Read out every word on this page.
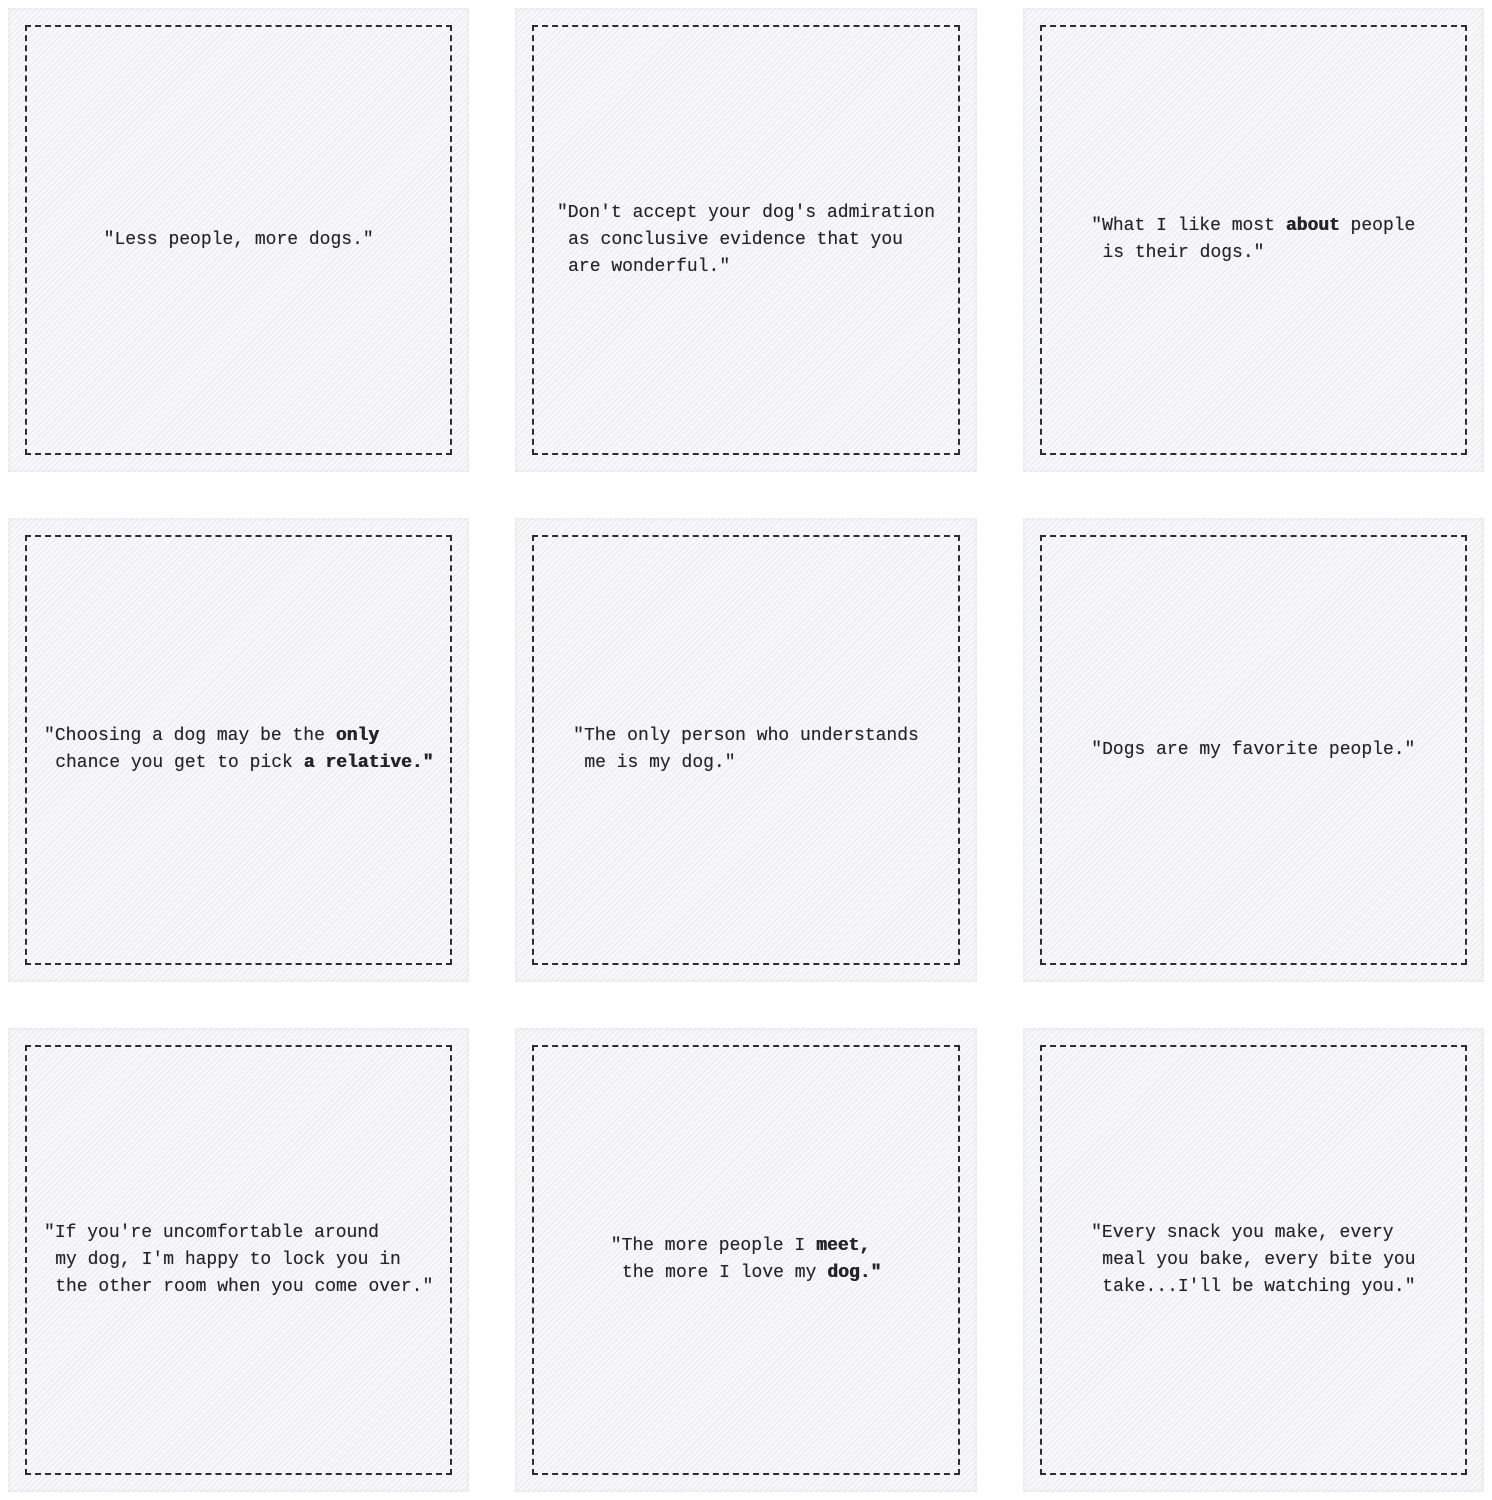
"Less people, more dogs."
"Don't accept your dog's admiration
as conclusive evidence that you
are wonderful."
"What I like most about people
is their dogs."
"Choosing a dog may be the only
chance you get to pick a relative."
"The only person who understands
me is my dog."
"Dogs are my favorite people."
"If you're uncomfortable around
my dog, I'm happy to lock you in
the other room when you come over."
"The more people I meet,
the more I love my dog."
"Every snack you make, every
meal you bake, every bite you
take...I'll be watching you."
